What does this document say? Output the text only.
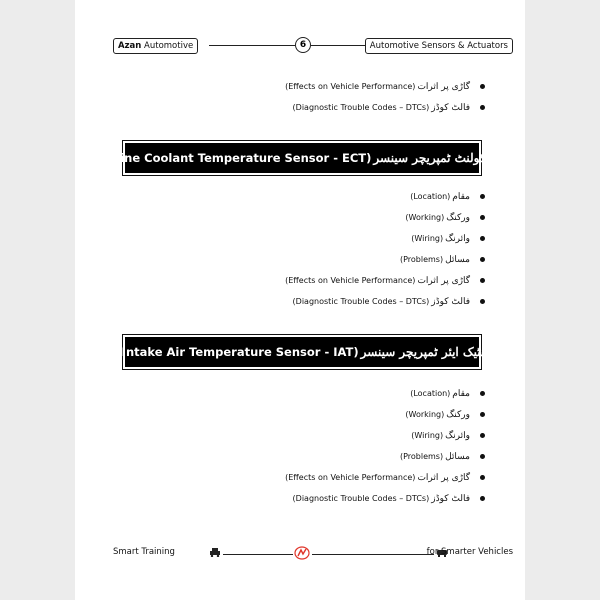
Azan Automotive	6	Automotive Sensors & Actuators
(Effects on Vehicle Performance) گاڑی پر اثرات
(Diagnostic Trouble Codes – DTCs) فالٹ کوڈز
(Engine Coolant Temperature Sensor - ECT) انجن کولنٹ ٹمپریچر سینسر
(Location) مقام
(Working) ورکنگ
(Wiring) وائرنگ
(Problems) مسائل
(Effects on Vehicle Performance) گاڑی پر اثرات
(Diagnostic Trouble Codes – DTCs) فالٹ کوڈز
(Intake Air Temperature Sensor - IAT) انٹیک ایئر ٹمپریچر سینسر
(Location) مقام
(Working) ورکنگ
(Wiring) وائرنگ
(Problems) مسائل
(Effects on Vehicle Performance) گاڑی پر اثرات
(Diagnostic Trouble Codes – DTCs) فالٹ کوڈز
Smart Training	for Smarter Vehicles
